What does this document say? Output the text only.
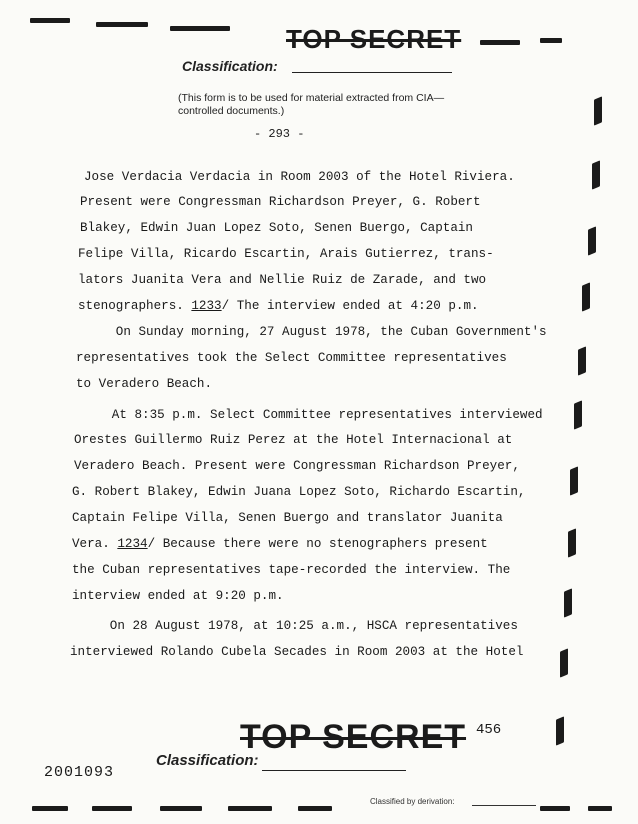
TOP SECRET
Classification:
(This form is to be used for material extracted from CIA—controlled documents.)
- 293 -
Jose Verdacia Verdacia in Room 2003 of the Hotel Riviera.
Present were Congressman Richardson Preyer, G. Robert
Blakey, Edwin Juan Lopez Soto, Senen Buergo, Captain
Felipe Villa, Ricardo Escartin, Arais Gutierrez, trans-
lators Juanita Vera and Nellie Ruiz de Zarade, and two
stenographers. 1233/ The interview ended at 4:20 p.m.
On Sunday morning, 27 August 1978, the Cuban Government's
representatives took the Select Committee representatives
to Veradero Beach.
At 8:35 p.m. Select Committee representatives interviewed
Orestes Guillermo Ruiz Perez at the Hotel Internacional at
Veradero Beach. Present were Congressman Richardson Preyer,
G. Robert Blakey, Edwin Juana Lopez Soto, Richardo Escartin,
Captain Felipe Villa, Senen Buergo and translator Juanita
Vera. 1234/ Because there were no stenographers present
the Cuban representatives tape-recorded the interview. The
interview ended at 9:20 p.m.
On 28 August 1978, at 10:25 a.m., HSCA representatives
interviewed Rolando Cubela Secades in Room 2003 at the Hotel
TOP SECRET 456
Classification:
2001093
Classified by derivation:
